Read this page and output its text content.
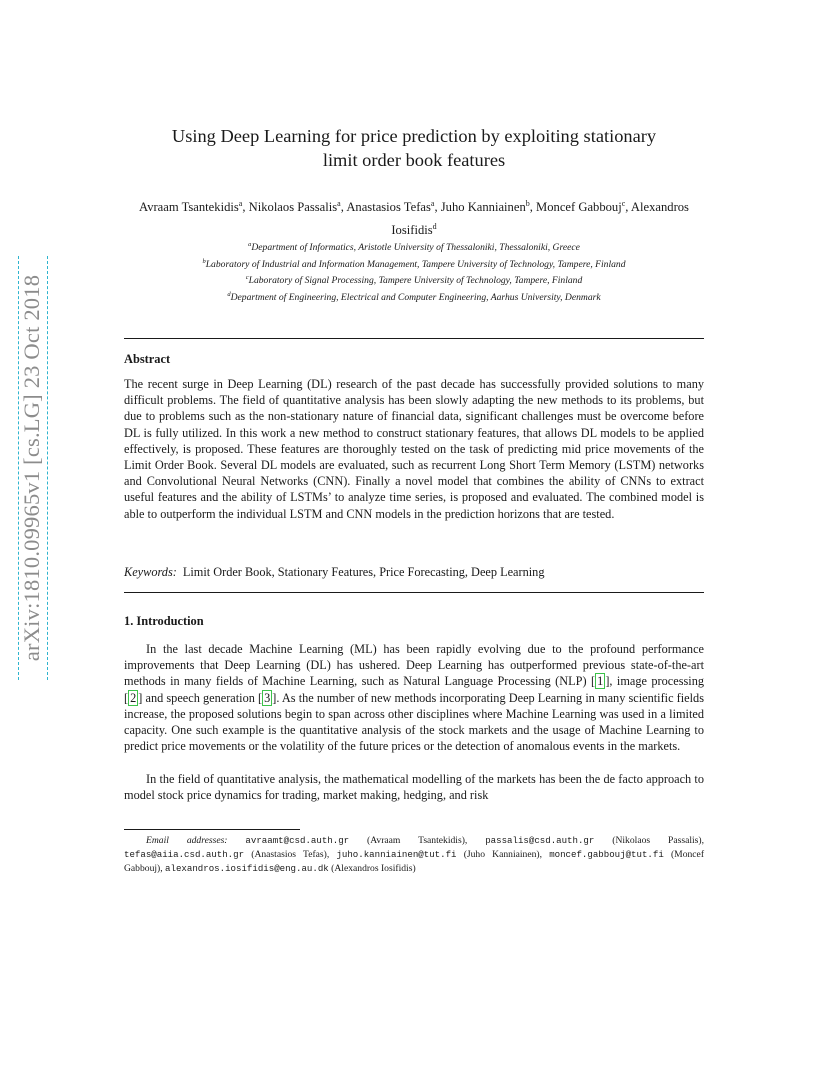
arXiv:1810.09965v1 [cs.LG] 23 Oct 2018
Using Deep Learning for price prediction by exploiting stationary
limit order book features
Avraam Tsantekidis$^a$, Nikolaos Passalis$^a$, Anastasios Tefas$^a$, Juho Kanniainen$^b$, Moncef Gabbouj$^c$, Alexandros Iosifidis$^d$
$^a$Department of Informatics, Aristotle University of Thessaloniki, Thessaloniki, Greece
$^b$Laboratory of Industrial and Information Management, Tampere University of Technology, Tampere, Finland
$^c$Laboratory of Signal Processing, Tampere University of Technology, Tampere, Finland
$^d$Department of Engineering, Electrical and Computer Engineering, Aarhus University, Denmark
Abstract
The recent surge in Deep Learning (DL) research of the past decade has successfully provided solutions to many difficult problems. The field of quantitative analysis has been slowly adapting the new methods to its problems, but due to problems such as the non-stationary nature of financial data, significant challenges must be overcome before DL is fully utilized. In this work a new method to construct stationary features, that allows DL models to be applied effectively, is proposed. These features are thoroughly tested on the task of predicting mid price movements of the Limit Order Book. Several DL models are evaluated, such as recurrent Long Short Term Memory (LSTM) networks and Convolutional Neural Networks (CNN). Finally a novel model that combines the ability of CNNs to extract useful features and the ability of LSTMs’ to analyze time series, is proposed and evaluated. The combined model is able to outperform the individual LSTM and CNN models in the prediction horizons that are tested.
Keywords: Limit Order Book, Stationary Features, Price Forecasting, Deep Learning
1. Introduction
In the last decade Machine Learning (ML) has been rapidly evolving due to the profound performance improvements that Deep Learning (DL) has ushered. Deep Learning has outperformed previous state-of-the-art methods in many fields of Machine Learning, such as Natural Language Processing (NLP) [ 1 ], image processing [ 2 ] and speech generation [ 3 ]. As the number of new methods incorporating Deep Learning in many scientific fields increase, the proposed solutions begin to span across other disciplines where Machine Learning was used in a limited capacity. One such example is the quantitative analysis of the stock markets and the usage of Machine Learning to predict price movements or the volatility of the future prices or the detection of anomalous events in the markets.
In the field of quantitative analysis, the mathematical modelling of the markets has been the de facto approach to model stock price dynamics for trading, market making, hedging, and risk
Email addresses: avraamt@csd.auth.gr (Avraam Tsantekidis), passalis@csd.auth.gr (Nikolaos Passalis), tefas@aiia.csd.auth.gr (Anastasios Tefas), juho.kanniainen@tut.fi (Juho Kanniainen), moncef.gabbouj@tut.fi (Moncef Gabbouj), alexandros.iosifidis@eng.au.dk (Alexandros Iosifidis)
